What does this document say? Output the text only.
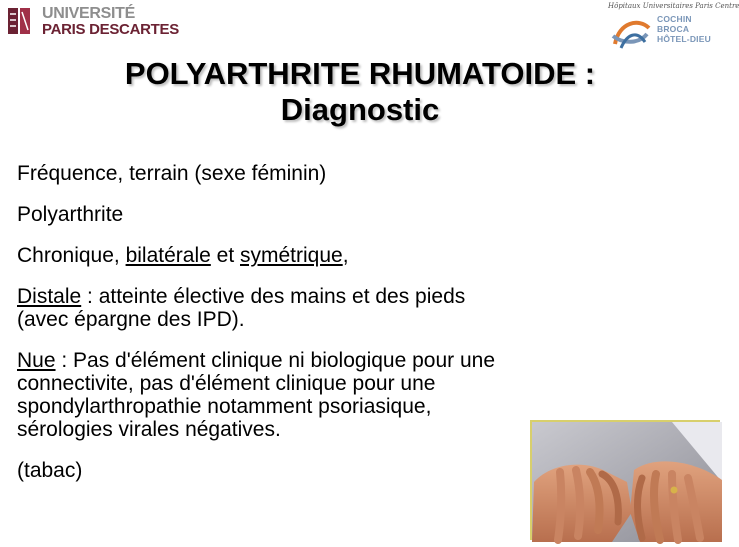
UNIVERSITÉ
PARIS DESCARTES
Hôpitaux Universitaires Paris Centre
COCHIN
BROCA
HÔTEL-DIEU
POLYARTHRITE RHUMATOIDE :
Diagnostic

Fréquence, terrain (sexe féminin)

Polyarthrite

Chronique, bilatérale et symétrique,

Distale : atteinte élective des mains et des pieds
(avec épargne des IPD).

Nue : Pas d'élément clinique ni biologique pour une
connectivite, pas d'élément clinique pour une
spondylarthropathie notamment psoriasique,
sérologies virales négatives.

(tabac)
